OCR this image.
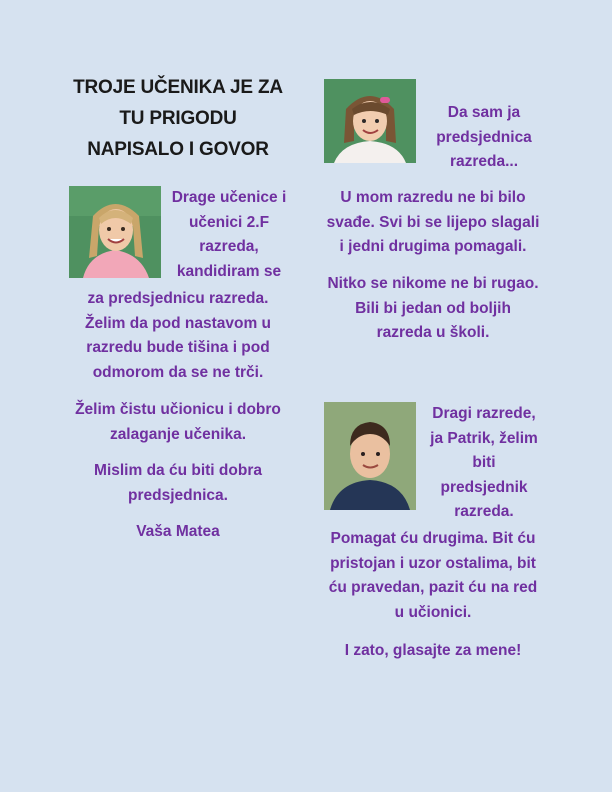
TROJE UČENIKA JE ZA
TU PRIGODU
NAPISALO I GOVOR
Drage učenice i
učenici 2.F
razreda,
kandidiram se
za predsjednicu razreda.
Želim da pod nastavom u
razredu bude tišina i pod
odmorom da se ne trči.
Želim čistu učionicu i dobro
zalaganje učenika.
Mislim da ću biti dobra
predsjednica.
Vaša Matea
Da sam ja
predsjednica
razreda...
U mom razredu ne bi bilo
svađe. Svi bi se lijepo slagali
i jedni drugima pomagali.
Nitko se nikome ne bi rugao.
Bili bi jedan od boljih
razreda u školi.
Dragi razrede,
ja Patrik, želim
biti
predsjednik
razreda.
Pomagat ću drugima. Bit ću
pristojan i uzor ostalima, bit
ću pravedan, pazit ću na red
u učionici.
I zato, glasajte za mene!
